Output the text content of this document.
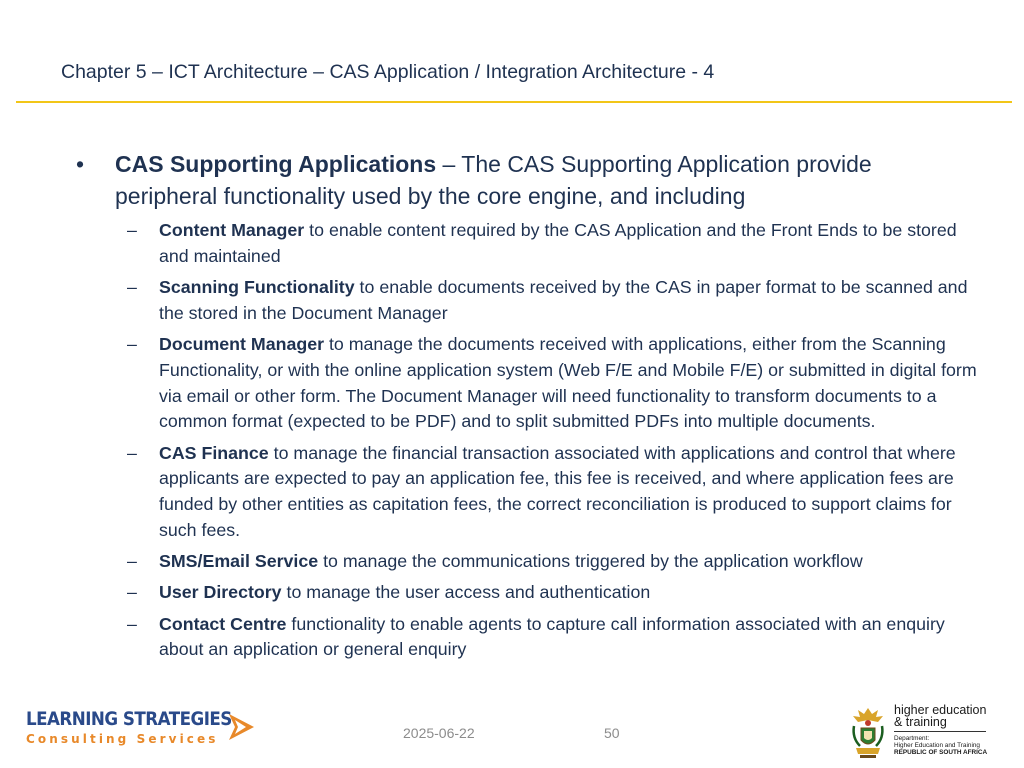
Chapter 5 – ICT Architecture – CAS Application / Integration Architecture - 4
• CAS Supporting Applications – The CAS Supporting Application provide peripheral functionality used by the core engine, and including
– Content Manager to enable content required by the CAS Application and the Front Ends to be stored and maintained
– Scanning Functionality to enable documents received by the CAS in paper format to be scanned and the stored in the Document Manager
– Document Manager to manage the documents received with applications, either from the Scanning Functionality, or with the online application system (Web F/E and Mobile F/E) or submitted in digital form via email or other form. The Document Manager will need functionality to transform documents to a common format (expected to be PDF) and to split submitted PDFs into multiple documents.
– CAS Finance to manage the financial transaction associated with applications and control that where applicants are expected to pay an application fee, this fee is received, and where application fees are funded by other entities as capitation fees, the correct reconciliation is produced to support claims for such fees.
– SMS/Email Service to manage the communications triggered by the application workflow
– User Directory to manage the user access and authentication
– Contact Centre functionality to enable agents to capture call information associated with an enquiry about an application or general enquiry
LEARNING STRATEGIES
Consulting Services	2025-06-22	50
higher education
& training
Department:
Higher Education and Training
REPUBLIC OF SOUTH AFRICA
